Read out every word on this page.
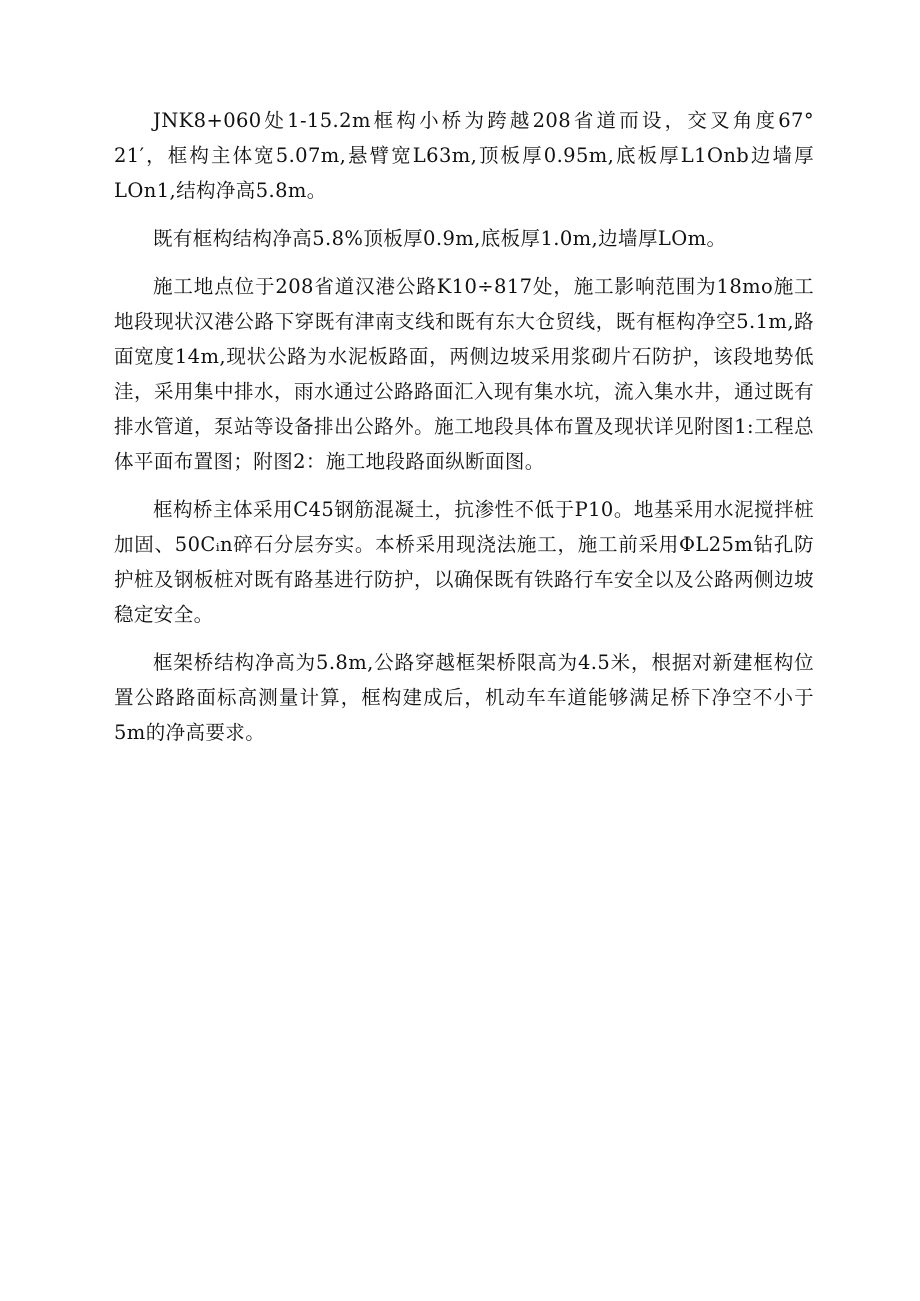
JNK8+060处1-15.2m框构小桥为跨越208省道而设，交叉角度67° 21′，框构主体宽5.07m,悬臂宽L63m,顶板厚0.95m,底板厚L1Onb边墙厚LOn1,结构净高5.8m。

既有框构结构净高5.8%顶板厚0.9m,底板厚1.0m,边墙厚LOm。

施工地点位于208省道汉港公路K10÷817处，施工影响范围为18mo施工地段现状汉港公路下穿既有津南支线和既有东大仓贸线，既有框构净空5.1m,路面宽度14m,现状公路为水泥板路面，两侧边坡采用浆砌片石防护，该段地势低洼，采用集中排水，雨水通过公路路面汇入现有集水坑，流入集水井，通过既有排水管道，泵站等设备排出公路外。施工地段具体布置及现状详见附图1:工程总体平面布置图；附图2：施工地段路面纵断面图。

框构桥主体采用C45钢筋混凝土，抗渗性不低于P10。地基采用水泥搅拌桩加固、50Cᵢn碎石分层夯实。本桥采用现浇法施工，施工前采用ΦL25m钻孔防护桩及钢板桩对既有路基进行防护，以确保既有铁路行车安全以及公路两侧边坡稳定安全。

框架桥结构净高为5.8m,公路穿越框架桥限高为4.5米，根据对新建框构位置公路路面标高测量计算，框构建成后，机动车车道能够满足桥下净空不小于5m的净高要求。
